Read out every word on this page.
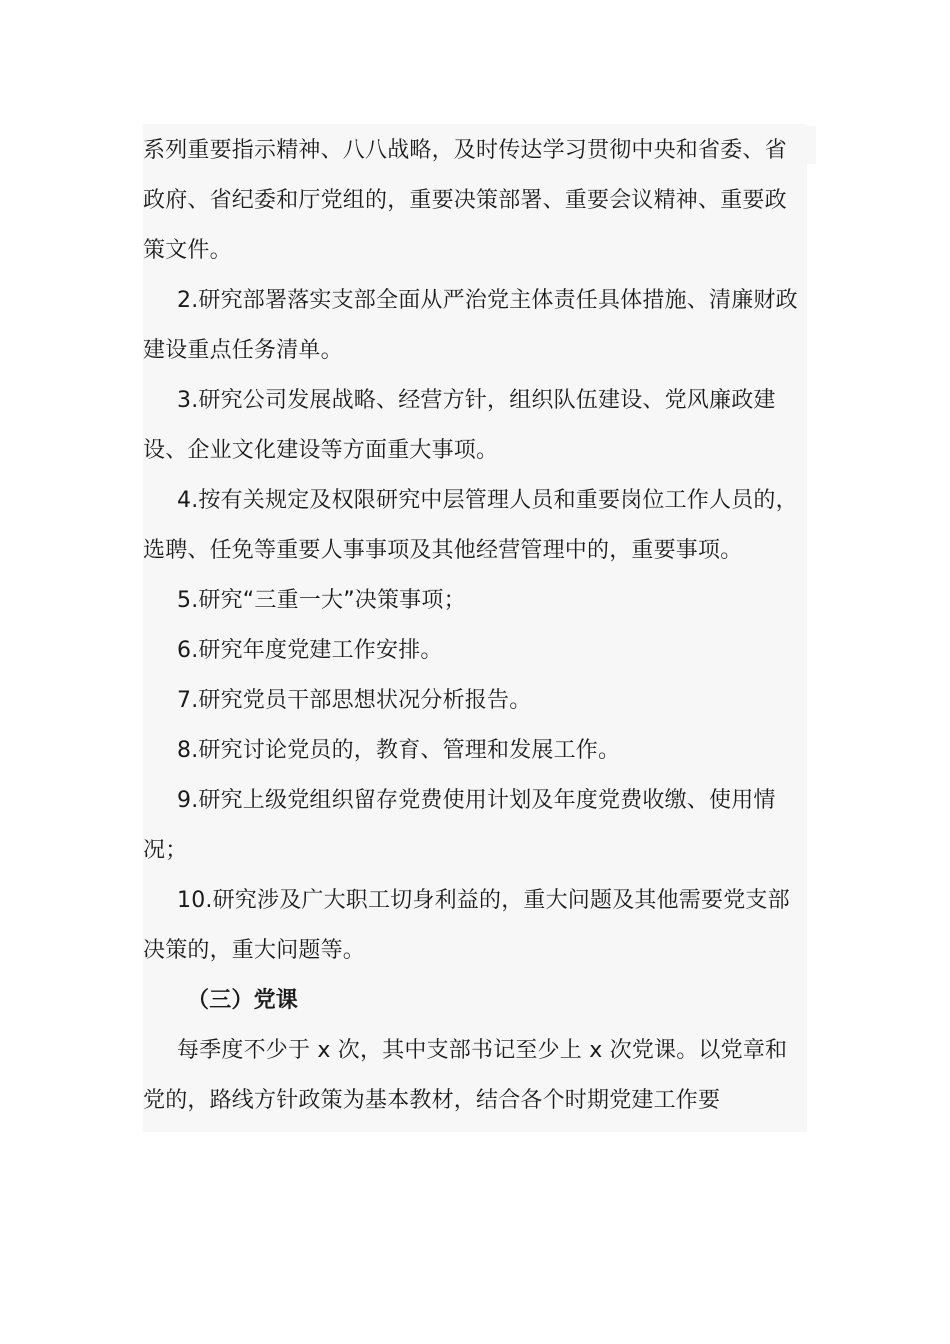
系列重要指示精神、八八战略，及时传达学习贯彻中央和省委、省政府、省纪委和厅党组的，重要决策部署、重要会议精神、重要政策文件。

2.研究部署落实支部全面从严治党主体责任具体措施、清廉财政建设重点任务清单。

3.研究公司发展战略、经营方针，组织队伍建设、党风廉政建设、企业文化建设等方面重大事项。

4.按有关规定及权限研究中层管理人员和重要岗位工作人员的，选聘、任免等重要人事事项及其他经营管理中的，重要事项。

5.研究“三重一大”决策事项；

6.研究年度党建工作安排。

7.研究党员干部思想状况分析报告。

8.研究讨论党员的，教育、管理和发展工作。

9.研究上级党组织留存党费使用计划及年度党费收缴、使用情况；

10.研究涉及广大职工切身利益的，重大问题及其他需要党支部决策的，重大问题等。

（三）党课

每季度不少于 x 次，其中支部书记至少上 x 次党课。以党章和党的，路线方针政策为基本教材，结合各个时期党建工作要
